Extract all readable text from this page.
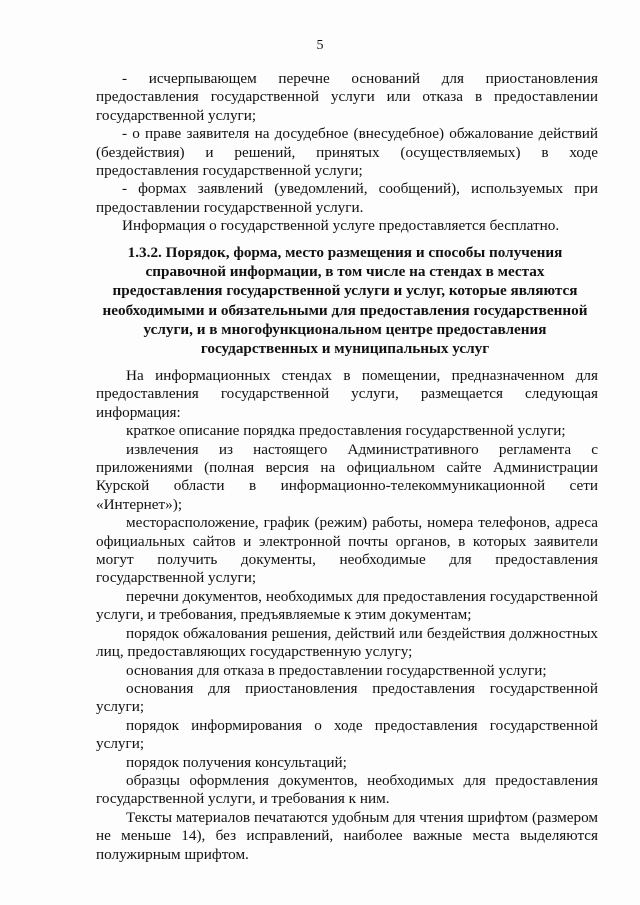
5

- исчерпывающем перечне оснований для приостановления предоставления государственной услуги или отказа в предоставлении государственной услуги;

- о праве заявителя на досудебное (внесудебное) обжалование действий (бездействия) и решений, принятых (осуществляемых) в ходе предоставления государственной услуги;

- формах заявлений (уведомлений, сообщений), используемых при предоставлении государственной услуги.

Информация о государственной услуге предоставляется бесплатно.

1.3.2. Порядок, форма, место размещения и способы получения справочной информации, в том числе на стендах в местах предоставления государственной услуги и услуг, которые являются необходимыми и обязательными для предоставления государственной услуги, и в многофункциональном центре предоставления государственных и муниципальных услуг

На информационных стендах в помещении, предназначенном для предоставления государственной услуги, размещается следующая информация:

краткое описание порядка предоставления государственной услуги;

извлечения из настоящего Административного регламента с приложениями (полная версия на официальном сайте Администрации Курской области в информационно-телекоммуникационной сети «Интернет»);

месторасположение, график (режим) работы, номера телефонов, адреса официальных сайтов и электронной почты органов, в которых заявители могут получить документы, необходимые для предоставления государственной услуги;

перечни документов, необходимых для предоставления государственной услуги, и требования, предъявляемые к этим документам;

порядок обжалования решения, действий или бездействия должностных лиц, предоставляющих государственную услугу;

основания для отказа в предоставлении государственной услуги;

основания для приостановления предоставления государственной услуги;

порядок информирования о ходе предоставления государственной услуги;

порядок получения консультаций;

образцы оформления документов, необходимых для предоставления государственной услуги, и требования к ним.

Тексты материалов печатаются удобным для чтения шрифтом (размером не меньше 14), без исправлений, наиболее важные места выделяются полужирным шрифтом.
